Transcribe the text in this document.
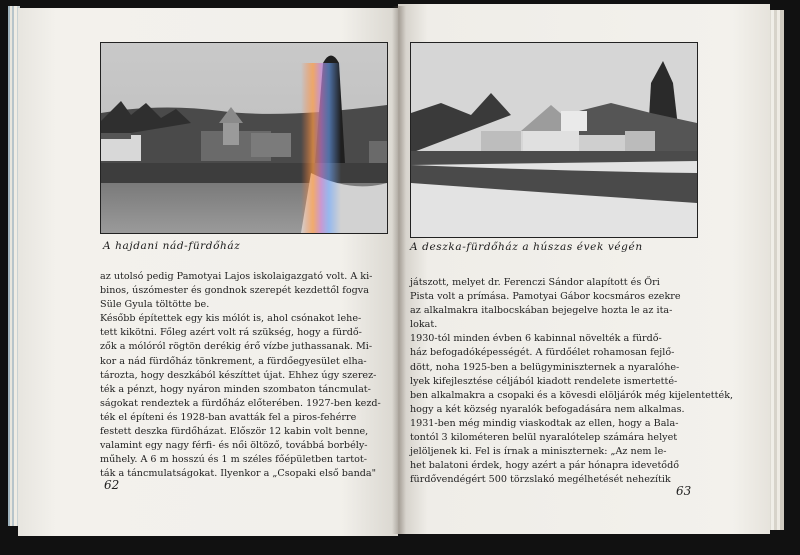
A hajdani nád-fürdőház	A deszka-fürdőház a húszas évek végén
az utolsó pedig Pamotyai Lajos iskolaigazgató volt. A ki-
binos, úszómester és gondnok szerepét kezdettől fogva
Süle Gyula töltötte be.
Később építettek egy kis mólót is, ahol csónakot lehe-
tett kikötni. Főleg azért volt rá szükség, hogy a fürdő-
zők a mólóról rögtön derékig érő vízbe juthassanak. Mi-
kor a nád fürdőház tönkrement, a fürdőegyesület elha-
tározta, hogy deszkából készíttet újat. Ehhez úgy szerez-
ték a pénzt, hogy nyáron minden szombaton táncmulat-
ságokat rendeztek a fürdőház előterében. 1927-ben kezd-
ték el építeni és 1928-ban avatták fel a piros-fehérre
festett deszka fürdőházat. Először 12 kabin volt benne,
valamint egy nagy férfi- és női öltöző, továbbá borbély-
műhely. A 6 m hosszú és 1 m széles főépületben tartot-
ták a táncmulatságokat. Ilyenkor a „Csopaki első banda"
játszott, melyet dr. Ferenczi Sándor alapított és Őri
Pista volt a prímása. Pamotyai Gábor kocsmáros ezekre
az alkalmakra italbocskában bejegelve hozta le az ita-
lokat.
1930-tól minden évben 6 kabinnal növelték a fürdő-
ház befogadóképességét. A fürdőélet rohamosan fejlő-
dött, noha 1925-ben a belügyminiszternek a nyaralóhe-
lyek kifejlesztése céljából kiadott rendelete ismertetté-
ben alkalmakra a csopaki és a kövesdi elöljárók még kijelentették,
hogy a két község nyaralók befogadására nem alkalmas.
1931-ben még mindig viaskodtak az ellen, hogy a Bala-
tontól 3 kilométeren belül nyaralótelep számára helyet
jelöljenek ki. Fel is írnak a miniszternek: „Az nem le-
het balatoni érdek, hogy azért a pár hónapra idevetődő
fürdővendégért 500 törzslakó megélhetését nehezítik
62	63
